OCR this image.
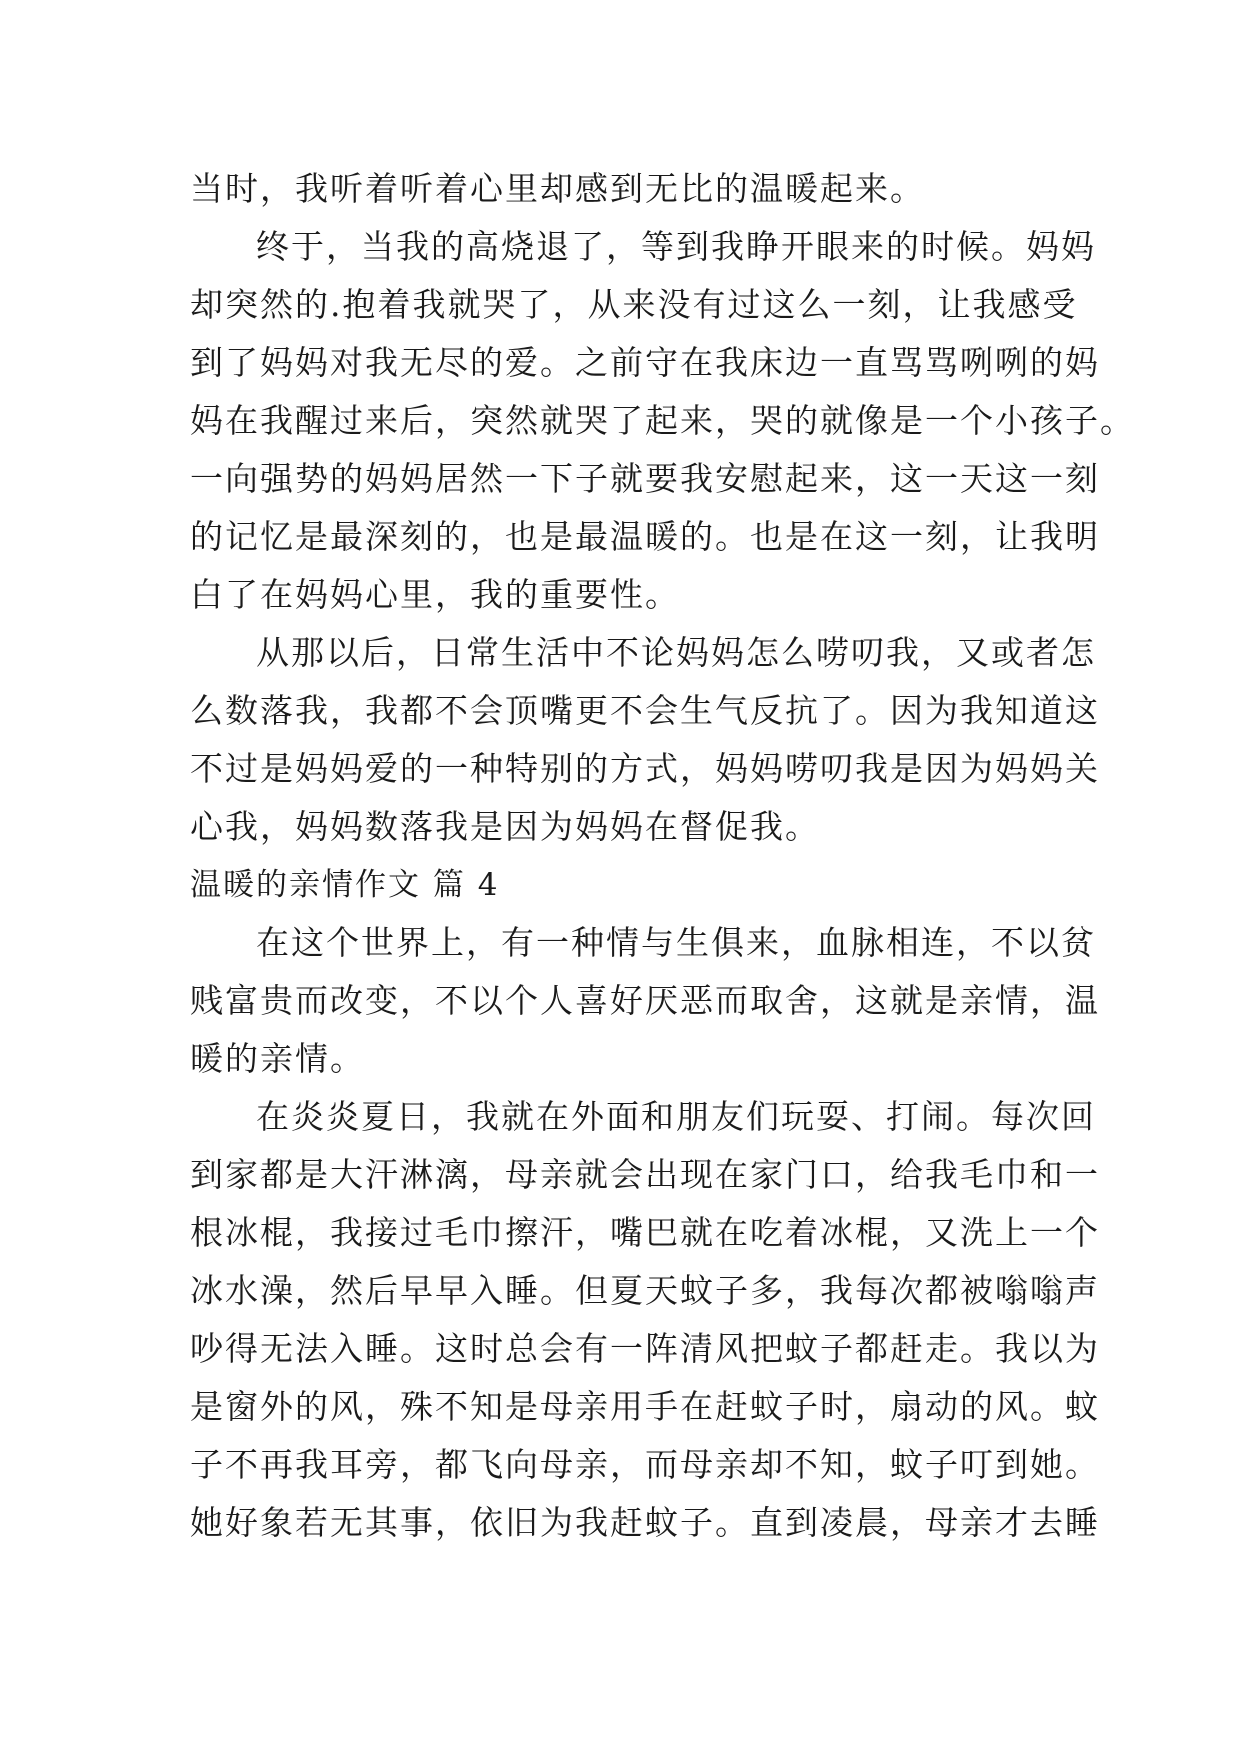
当时，我听着听着心里却感到无比的温暖起来。
终于，当我的高烧退了，等到我睁开眼来的时候。妈妈
却突然的.抱着我就哭了，从来没有过这么一刻，让我感受
到了妈妈对我无尽的爱。之前守在我床边一直骂骂咧咧的妈
妈在我醒过来后，突然就哭了起来，哭的就像是一个小孩子。
一向强势的妈妈居然一下子就要我安慰起来，这一天这一刻
的记忆是最深刻的，也是最温暖的。也是在这一刻，让我明
白了在妈妈心里，我的重要性。
从那以后，日常生活中不论妈妈怎么唠叨我，又或者怎
么数落我，我都不会顶嘴更不会生气反抗了。因为我知道这
不过是妈妈爱的一种特别的方式，妈妈唠叨我是因为妈妈关
心我，妈妈数落我是因为妈妈在督促我。
温暖的亲情作文 篇 4
在这个世界上，有一种情与生俱来，血脉相连，不以贫
贱富贵而改变，不以个人喜好厌恶而取舍，这就是亲情，温
暖的亲情。
在炎炎夏日，我就在外面和朋友们玩耍、打闹。每次回
到家都是大汗淋漓，母亲就会出现在家门口，给我毛巾和一
根冰棍，我接过毛巾擦汗，嘴巴就在吃着冰棍，又洗上一个
冰水澡，然后早早入睡。但夏天蚊子多，我每次都被嗡嗡声
吵得无法入睡。这时总会有一阵清风把蚊子都赶走。我以为
是窗外的风，殊不知是母亲用手在赶蚊子时，扇动的风。蚊
子不再我耳旁，都飞向母亲，而母亲却不知，蚊子叮到她。
她好象若无其事，依旧为我赶蚊子。直到凌晨，母亲才去睡
